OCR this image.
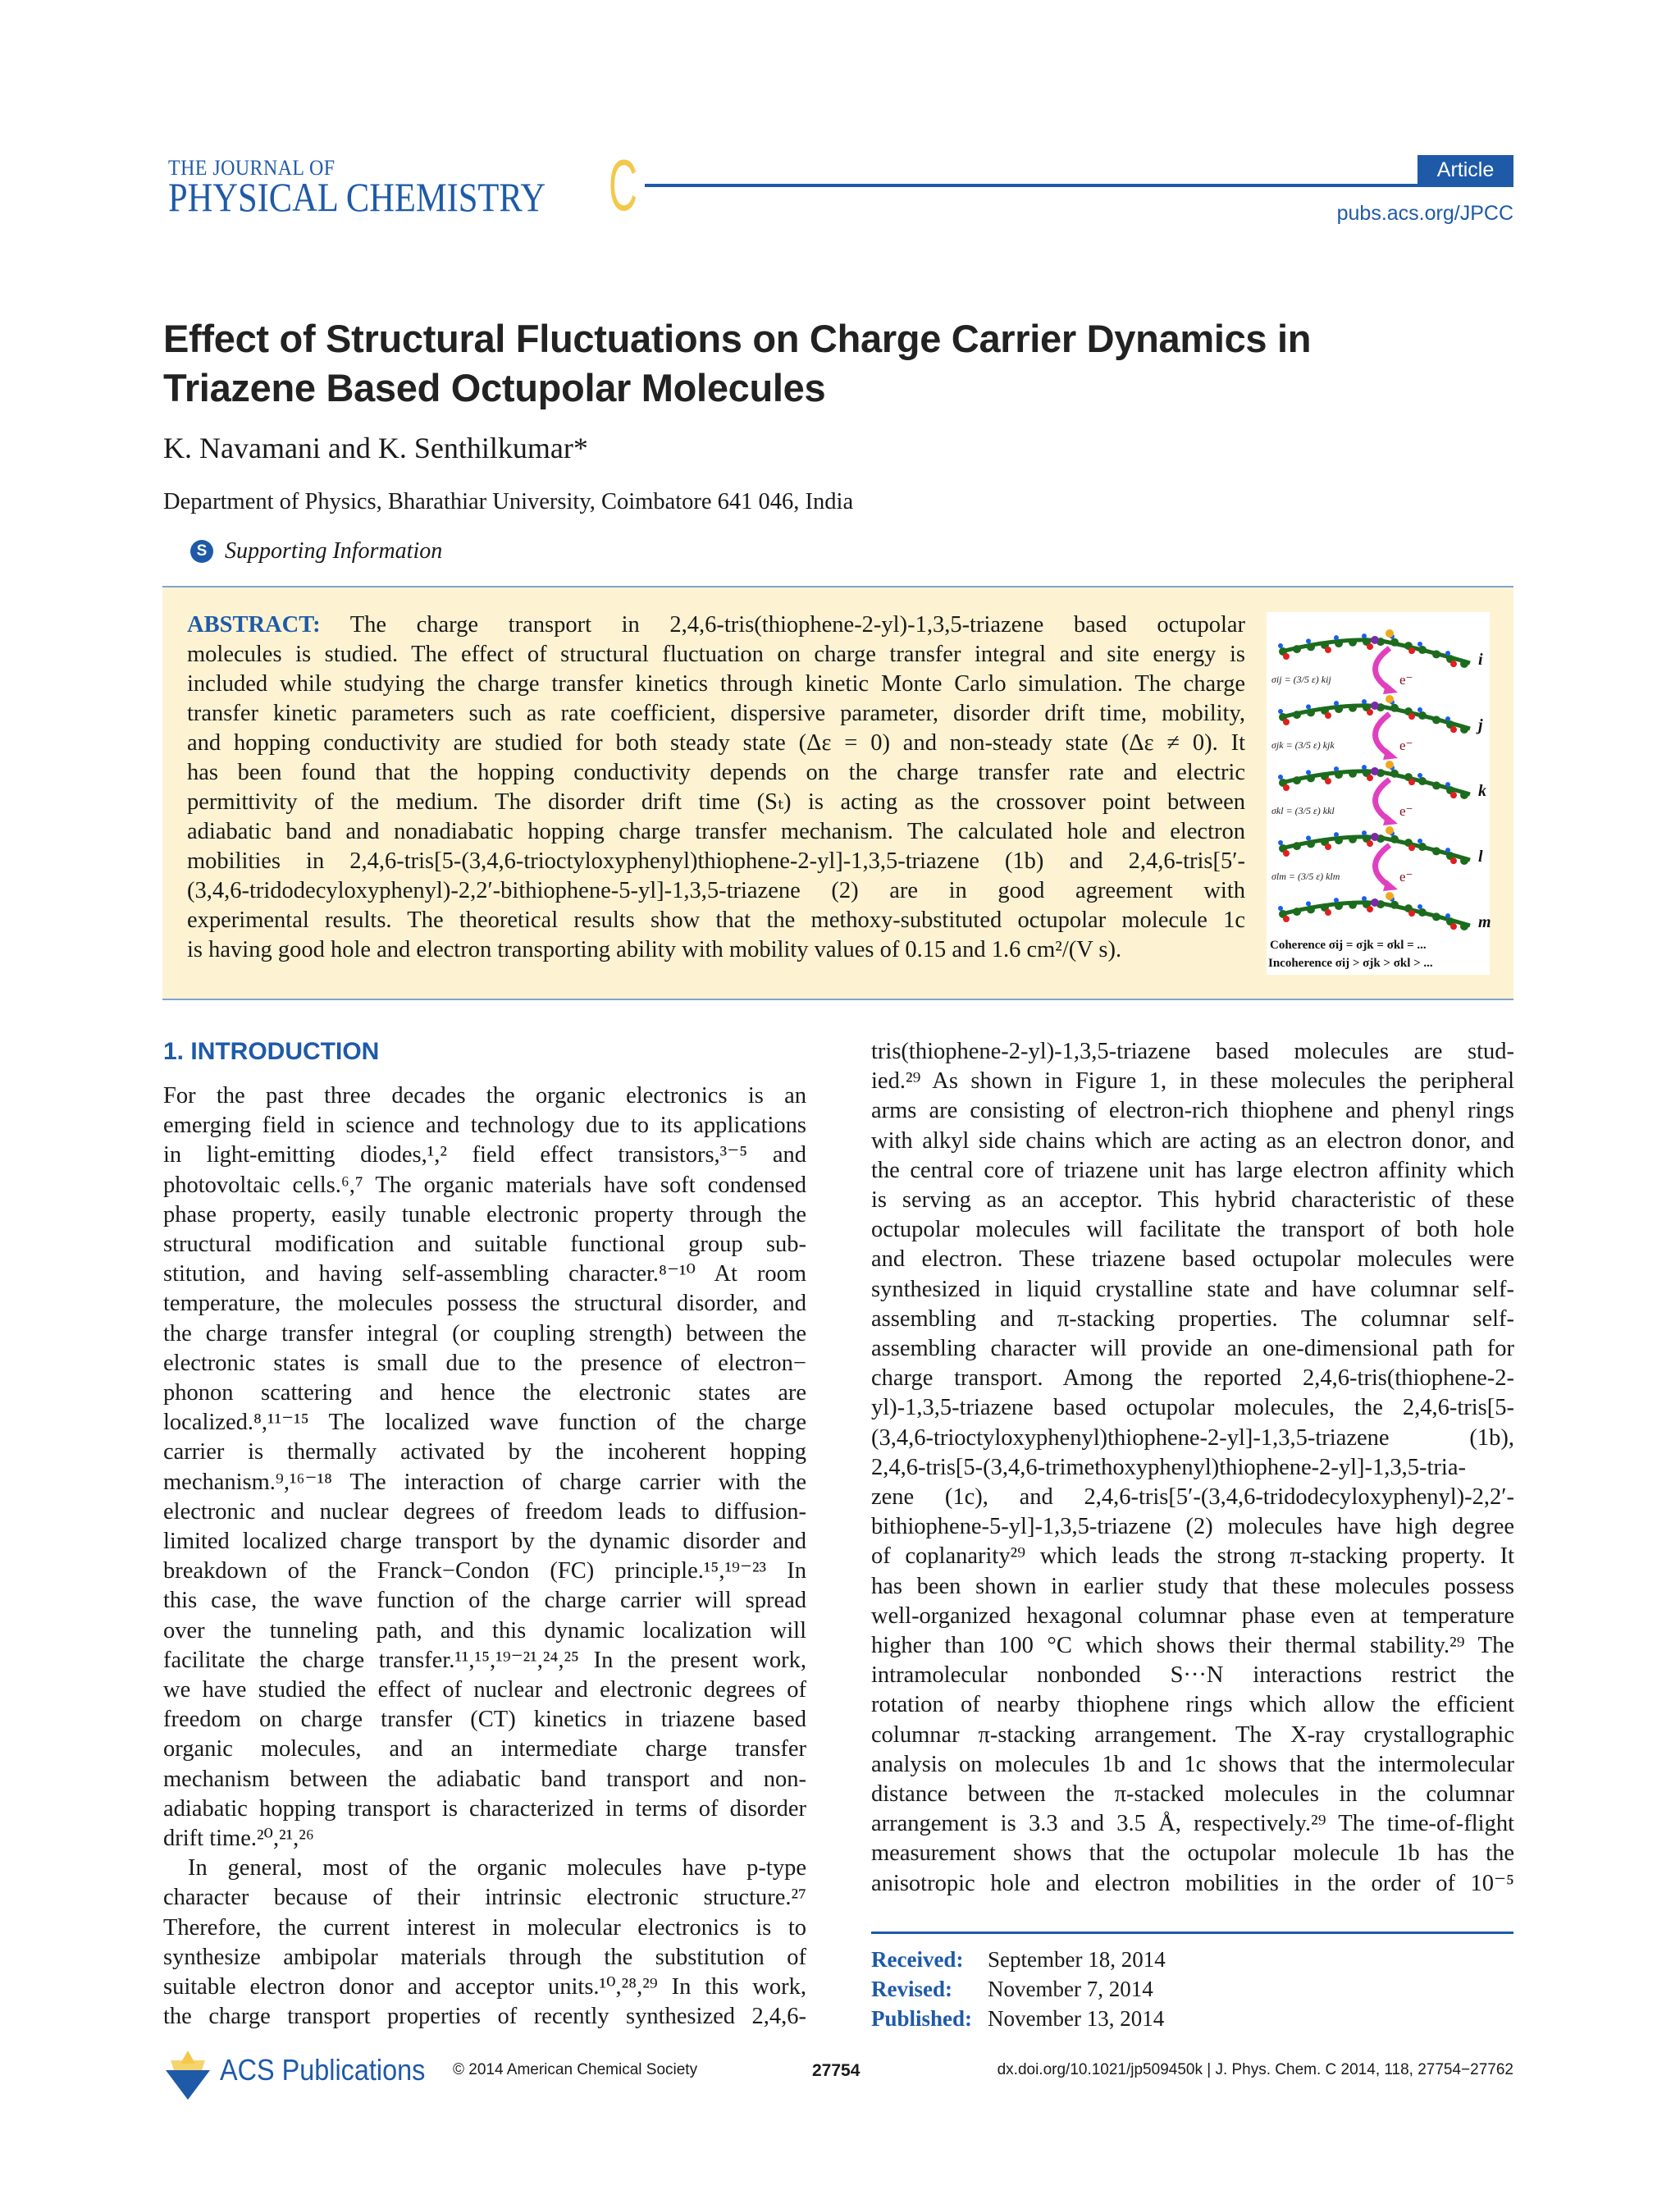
THE JOURNAL OF
PHYSICAL CHEMISTRY C	Article
pubs.acs.org/JPCC
Effect of Structural Fluctuations on Charge Carrier Dynamics in
Triazene Based Octupolar Molecules
K. Navamani and K. Senthilkumar*
Department of Physics, Bharathiar University, Coimbatore 641 046, India
S Supporting Information
ABSTRACT: The charge transport in 2,4,6-tris(thiophene-2-yl)-1,3,5-triazene based octupolar
molecules is studied. The effect of structural fluctuation on charge transfer integral and site energy is
included while studying the charge transfer kinetics through kinetic Monte Carlo simulation. The charge
transfer kinetic parameters such as rate coefficient, dispersive parameter, disorder drift time, mobility,
and hopping conductivity are studied for both steady state (Δε = 0) and non-steady state (Δε ≠ 0). It
has been found that the hopping conductivity depends on the charge transfer rate and electric
permittivity of the medium. The disorder drift time (Sₜ) is acting as the crossover point between
adiabatic band and nonadiabatic hopping charge transfer mechanism. The calculated hole and electron
mobilities in 2,4,6-tris[5-(3,4,6-trioctyloxyphenyl)thiophene-2-yl]-1,3,5-triazene (1b) and 2,4,6-tris[5′-
(3,4,6-tridodecyloxyphenyl)-2,2′-bithiophene-5-yl]-1,3,5-triazene (2) are in good agreement with
experimental results. The theoretical results show that the methoxy-substituted octupolar molecule 1c
is having good hole and electron transporting ability with mobility values of 0.15 and 1.6 cm²/(V s).
i
e⁻
σij = (3/5 ε) kij
j
e⁻
σjk = (3/5 ε) kjk
k
e⁻
σkl = (3/5 ε) kkl
l
e⁻
σlm = (3/5 ε) klm
m
Coherence σij = σjk = σkl = ...
Incoherence σij > σjk > σkl > ...
1. INTRODUCTION
For the past three decades the organic electronics is an
emerging field in science and technology due to its applications
in light-emitting diodes,¹,² field effect transistors,³⁻⁵ and
photovoltaic cells.⁶,⁷ The organic materials have soft condensed
phase property, easily tunable electronic property through the
structural modification and suitable functional group sub-
stitution, and having self-assembling character.⁸⁻¹⁰ At room
temperature, the molecules possess the structural disorder, and
the charge transfer integral (or coupling strength) between the
electronic states is small due to the presence of electron−
phonon scattering and hence the electronic states are
localized.⁸,¹¹⁻¹⁵ The localized wave function of the charge
carrier is thermally activated by the incoherent hopping
mechanism.⁹,¹⁶⁻¹⁸ The interaction of charge carrier with the
electronic and nuclear degrees of freedom leads to diffusion-
limited localized charge transport by the dynamic disorder and
breakdown of the Franck−Condon (FC) principle.¹⁵,¹⁹⁻²³ In
this case, the wave function of the charge carrier will spread
over the tunneling path, and this dynamic localization will
facilitate the charge transfer.¹¹,¹⁵,¹⁹⁻²¹,²⁴,²⁵ In the present work,
we have studied the effect of nuclear and electronic degrees of
freedom on charge transfer (CT) kinetics in triazene based
organic molecules, and an intermediate charge transfer
mechanism between the adiabatic band transport and non-
adiabatic hopping transport is characterized in terms of disorder
drift time.²⁰,²¹,²⁶
In general, most of the organic molecules have p-type
character because of their intrinsic electronic structure.²⁷
Therefore, the current interest in molecular electronics is to
synthesize ambipolar materials through the substitution of
suitable electron donor and acceptor units.¹⁰,²⁸,²⁹ In this work,
the charge transport properties of recently synthesized 2,4,6-
tris(thiophene-2-yl)-1,3,5-triazene based molecules are stud-
ied.²⁹ As shown in Figure 1, in these molecules the peripheral
arms are consisting of electron-rich thiophene and phenyl rings
with alkyl side chains which are acting as an electron donor, and
the central core of triazene unit has large electron affinity which
is serving as an acceptor. This hybrid characteristic of these
octupolar molecules will facilitate the transport of both hole
and electron. These triazene based octupolar molecules were
synthesized in liquid crystalline state and have columnar self-
assembling and π-stacking properties. The columnar self-
assembling character will provide an one-dimensional path for
charge transport. Among the reported 2,4,6-tris(thiophene-2-
yl)-1,3,5-triazene based octupolar molecules, the 2,4,6-tris[5-
(3,4,6-trioctyloxyphenyl)thiophene-2-yl]-1,3,5-triazene (1b),
2,4,6-tris[5-(3,4,6-trimethoxyphenyl)thiophene-2-yl]-1,3,5-tria-
zene (1c), and 2,4,6-tris[5′-(3,4,6-tridodecyloxyphenyl)-2,2′-
bithiophene-5-yl]-1,3,5-triazene (2) molecules have high degree
of coplanarity²⁹ which leads the strong π-stacking property. It
has been shown in earlier study that these molecules possess
well-organized hexagonal columnar phase even at temperature
higher than 100 °C which shows their thermal stability.²⁹ The
intramolecular nonbonded S···N interactions restrict the
rotation of nearby thiophene rings which allow the efficient
columnar π-stacking arrangement. The X-ray crystallographic
analysis on molecules 1b and 1c shows that the intermolecular
distance between the π-stacked molecules in the columnar
arrangement is 3.3 and 3.5 Å, respectively.²⁹ The time-of-flight
measurement shows that the octupolar molecule 1b has the
anisotropic hole and electron mobilities in the order of 10⁻⁵
Received: September 18, 2014
Revised: November 7, 2014
Published: November 13, 2014
ACS Publications © 2014 American Chemical Society	27754	dx.doi.org/10.1021/jp509450k | J. Phys. Chem. C 2014, 118, 27754−27762
